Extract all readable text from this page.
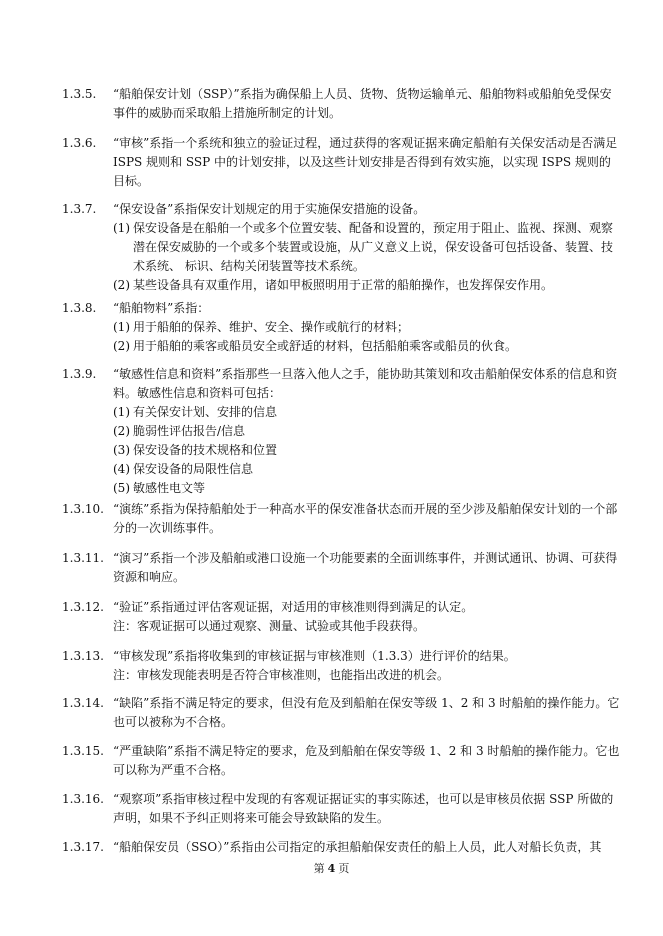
1.3.5.	“船舶保安计划（SSP）”系指为确保船上人员、货物、货物运输单元、船舶物料或船舶免受保安事件的威胁而采取船上措施所制定的计划。

1.3.6.	“审核”系指一个系统和独立的验证过程，通过获得的客观证据来确定船舶有关保安活动是否满足 ISPS 规则和 SSP 中的计划安排，以及这些计划安排是否得到有效实施，以实现 ISPS 规则的目标。

1.3.7.	“保安设备”系指保安计划规定的用于实施保安措施的设备。

(1) 保安设备是在船舶一个或多个位置安装、配备和设置的，预定用于阻止、监视、探测、观察潜在保安威胁的一个或多个装置或设施，从广义意义上说，保安设备可包括设备、装置、技术系统、 标识、结构关闭装置等技术系统。
(2) 某些设备具有双重作用，诸如甲板照明用于正常的船舶操作，也发挥保安作用。
1.3.8.	“船舶物料”系指：

(1) 用于船舶的保养、维护、安全、操作或航行的材料；
(2) 用于船舶的乘客或船员安全或舒适的材料，包括船舶乘客或船员的伙食。
1.3.9.	“敏感性信息和资料”系指那些一旦落入他人之手，能协助其策划和攻击船舶保安体系的信息和资料。敏感性信息和资料可包括：

(1) 有关保安计划、安排的信息
(2) 脆弱性评估报告/信息
(3) 保安设备的技术规格和位置
(4) 保安设备的局限性信息
(5) 敏感性电文等
1.3.10. “演练”系指为保持船舶处于一种高水平的保安准备状态而开展的至少涉及船舶保安计划的一个部分的一次训练事件。

1.3.11. “演习”系指一个涉及船舶或港口设施一个功能要素的全面训练事件，并测试通讯、协调、可获得资源和响应。

1.3.12. “验证”系指通过评估客观证据，对适用的审核准则得到满足的认定。

注：客观证据可以通过观察、测量、试验或其他手段获得。

1.3.13. “审核发现”系指将收集到的审核证据与审核准则（1.3.3）进行评价的结果。

注：审核发现能表明是否符合审核准则，也能指出改进的机会。

1.3.14. “缺陷”系指不满足特定的要求，但没有危及到船舶在保安等级 1、2 和 3 时船舶的操作能力。它也可以被称为不合格。

1.3.15. “严重缺陷”系指不满足特定的要求，危及到船舶在保安等级 1、2 和 3 时船舶的操作能力。它也可以称为严重不合格。

1.3.16. “观察项”系指审核过程中发现的有客观证据证实的事实陈述，也可以是审核员依据 SSP 所做的声明，如果不予纠正则将来可能会导致缺陷的发生。

1.3.17. “船舶保安员（SSO）”系指由公司指定的承担船舶保安责任的船上人员，此人对船长负责，其

第 4 页
